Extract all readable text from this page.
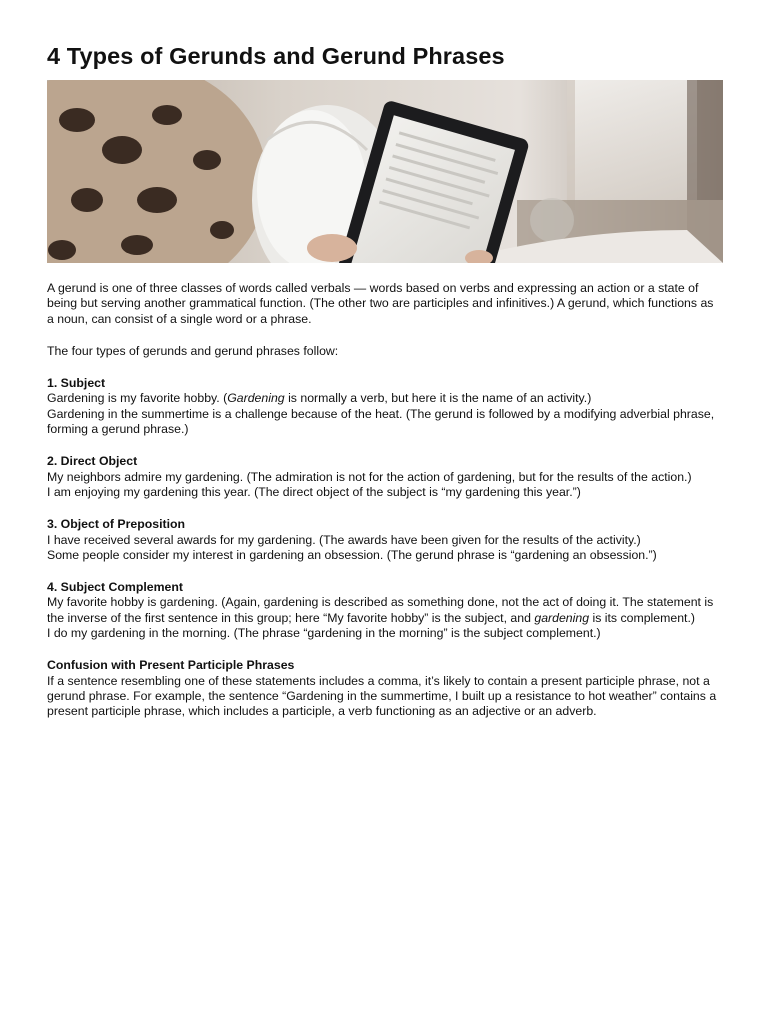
4 Types of Gerunds and Gerund Phrases

A gerund is one of three classes of words called verbals — words based on verbs and expressing an action or a state of being but serving another grammatical function. (The other two are participles and infinitives.) A gerund, which functions as a noun, can consist of a single word or a phrase.

The four types of gerunds and gerund phrases follow:

1. Subject
Gardening is my favorite hobby. (Gardening is normally a verb, but here it is the name of an activity.)
Gardening in the summertime is a challenge because of the heat. (The gerund is followed by a modifying adverbial phrase, forming a gerund phrase.)
2. Direct Object
My neighbors admire my gardening. (The admiration is not for the action of gardening, but for the results of the action.)
I am enjoying my gardening this year. (The direct object of the subject is “my gardening this year.”)
3. Object of Preposition
I have received several awards for my gardening. (The awards have been given for the results of the activity.)
Some people consider my interest in gardening an obsession. (The gerund phrase is “gardening an obsession.”)
4. Subject Complement
My favorite hobby is gardening. (Again, gardening is described as something done, not the act of doing it. The statement is the inverse of the first sentence in this group; here “My favorite hobby” is the subject, and gardening is its complement.)
I do my gardening in the morning. (The phrase “gardening in the morning” is the subject complement.)
Confusion with Present Participle Phrases
If a sentence resembling one of these statements includes a comma, it’s likely to contain a present participle phrase, not a gerund phrase. For example, the sentence “Gardening in the summertime, I built up a resistance to hot weather” contains a present participle phrase, which includes a participle, a verb functioning as an adjective or an adverb.
